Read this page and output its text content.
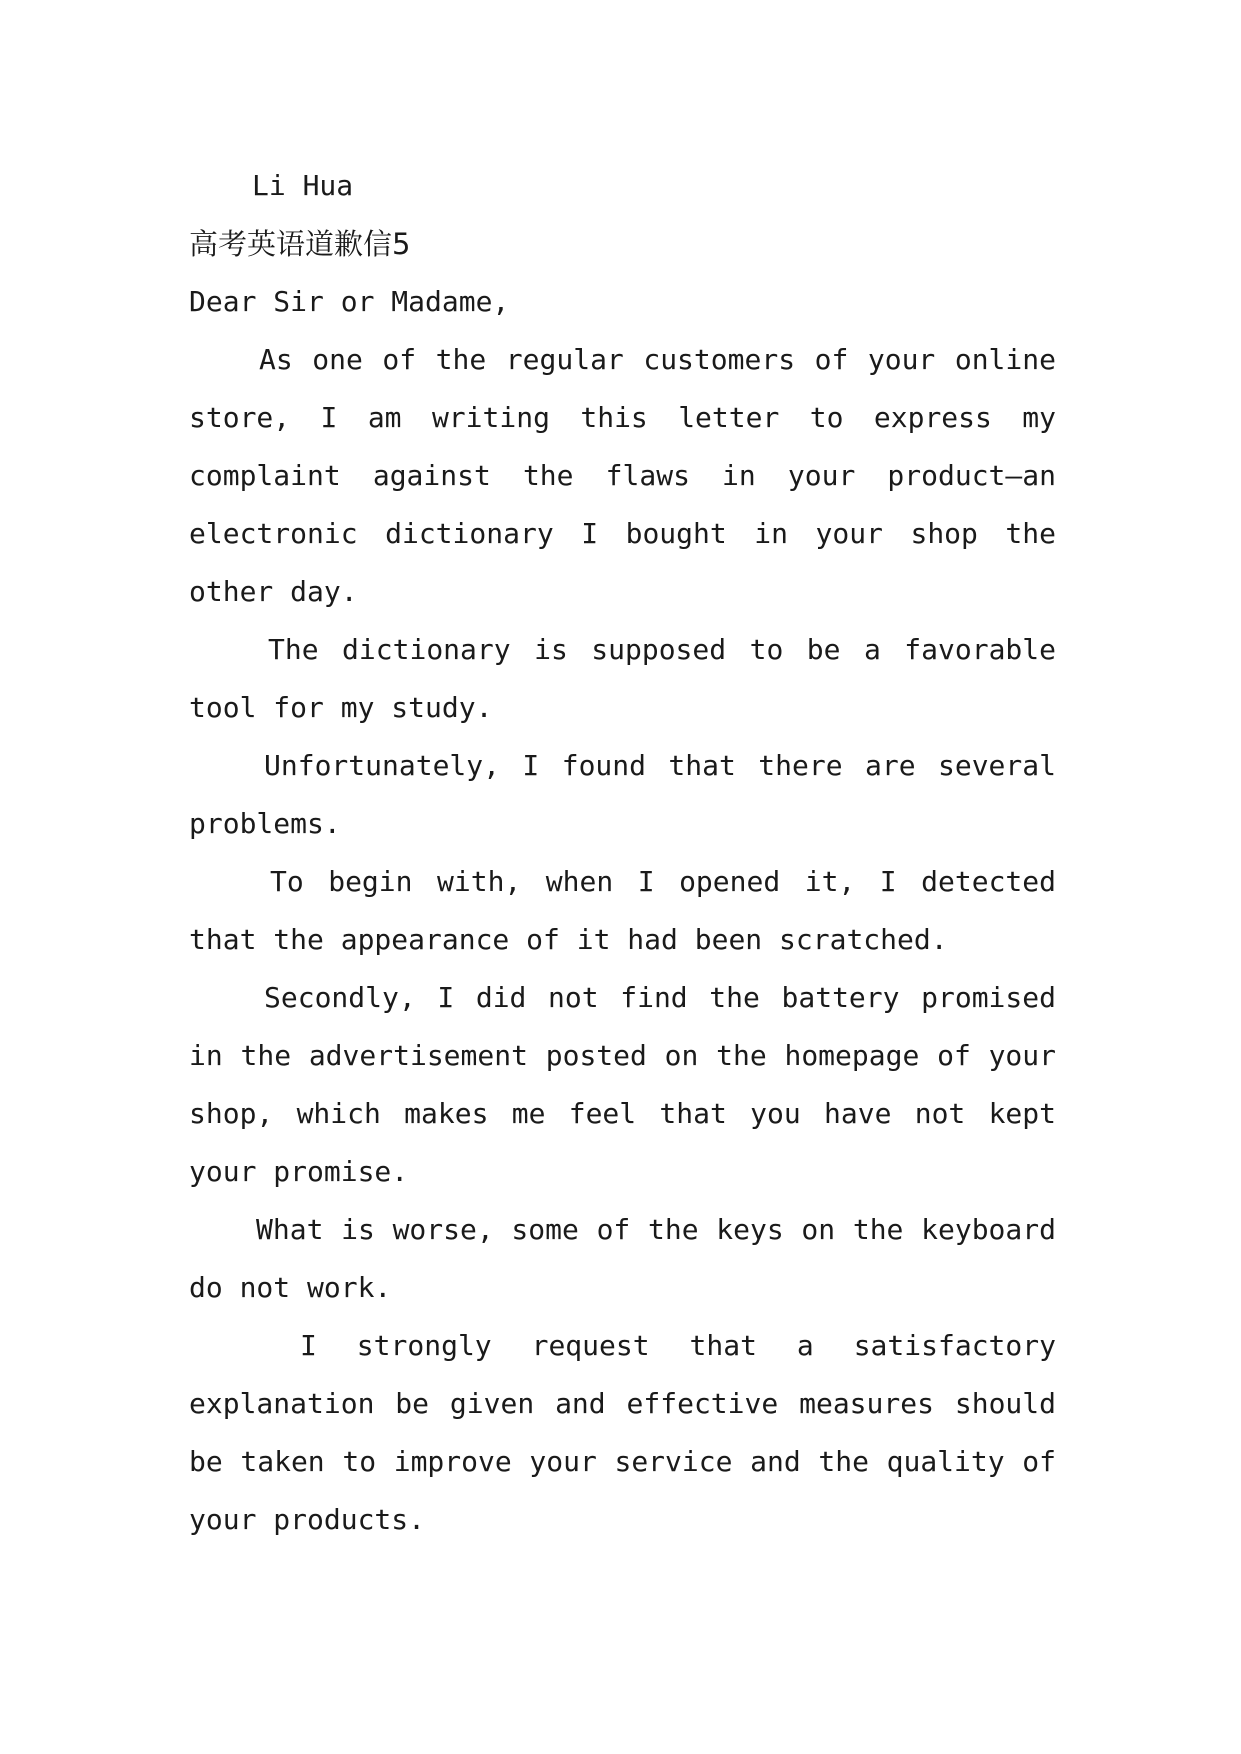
Li Hua
高考英语道歉信5
Dear Sir or Madame,
As one of the regular customers of your online
store, I am writing this letter to express my
complaint against the flaws in your product—an
electronic dictionary I bought in your shop the
other day.
The dictionary is supposed to be a favorable
tool for my study.
Unfortunately, I found that there are several
problems.
To begin with, when I opened it, I detected
that the appearance of it had been scratched.
Secondly, I did not find the battery promised
in the advertisement posted on the homepage of your
shop, which makes me feel that you have not kept
your promise.
What is worse, some of the keys on the keyboard
do not work.
I strongly request that a satisfactory
explanation be given and effective measures should
be taken to improve your service and the quality of
your products.
